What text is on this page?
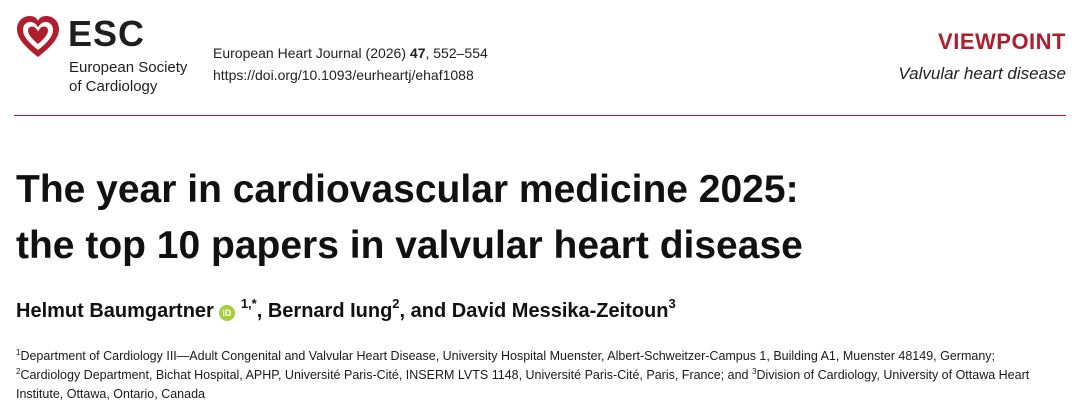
ESC
European Society
of Cardiology
European Heart Journal (2026) 47, 552–554
https://doi.org/10.1093/eurheartj/ehaf1088
VIEWPOINT
Valvular heart disease
The year in cardiovascular medicine 2025:
the top 10 papers in valvular heart disease
Helmut Baumgartner $iD^{1,*}$, Bernard Iung$^2$, and David Messika-Zeitoun$^3$
$^1$Department of Cardiology III—Adult Congenital and Valvular Heart Disease, University Hospital Muenster, Albert-Schweitzer-Campus 1, Building A1, Muenster 48149, Germany;
$^2$Cardiology Department, Bichat Hospital, APHP, Université Paris-Cité, INSERM LVTS 1148, Université Paris-Cité, Paris, France; and $^3$Division of Cardiology, University of Ottawa Heart Institute, Ottawa, Ontario, Canada
